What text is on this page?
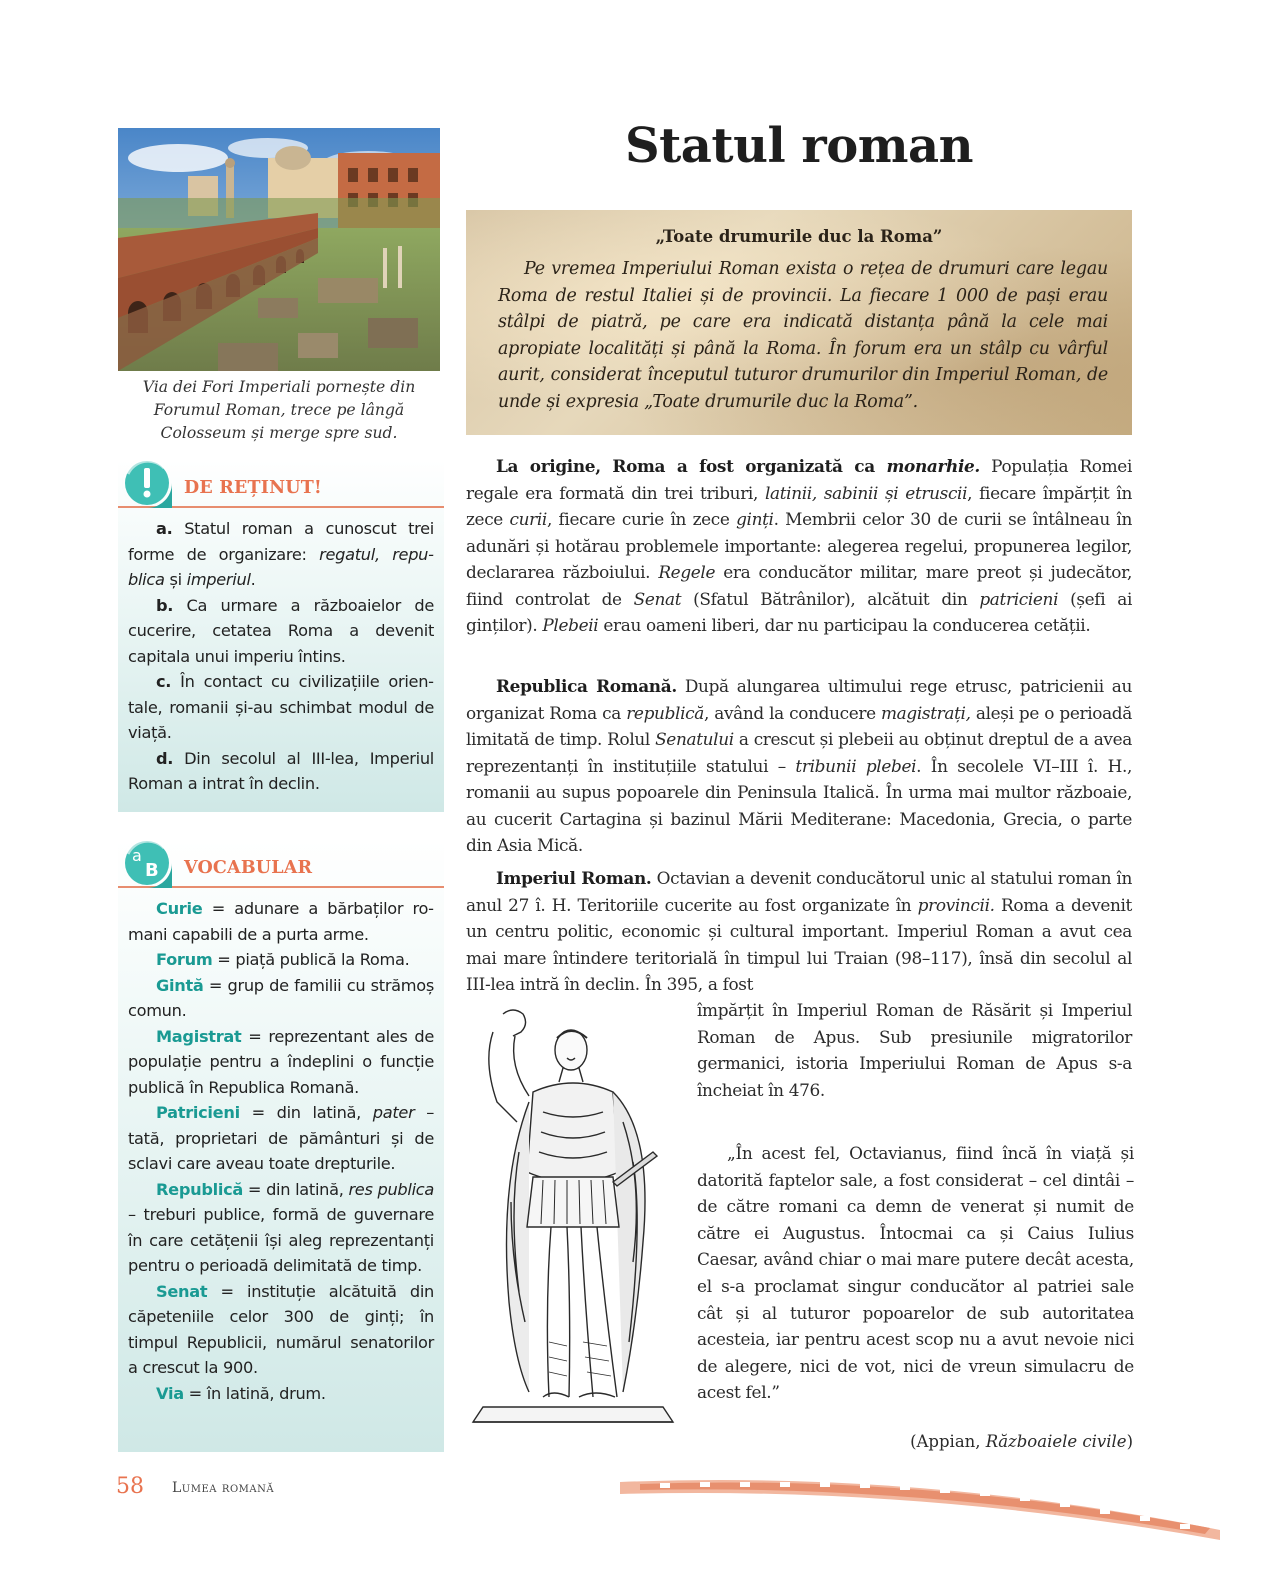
Via dei Fori Imperiali pornește din
Forumul Roman, trece pe lângă
Colosseum și merge spre sud.
DE REȚINUT!

a. Statul roman a cunoscut trei forme de organizare: regatul, republica și imperiul.

b. Ca urmare a războaielor de cucerire, cetatea Roma a devenit capitala unui imperiu întins.

c. În contact cu civilizațiile orientale, romanii și-au schimbat modul de viață.

d. Din secolul al III-lea, Imperiul Roman a intrat în declin.

a
B VOCABULAR

Curie = adunare a bărbaților romani capabili de a purta arme.

Forum = piață publică la Roma.

Gintă = grup de familii cu strămoș comun.

Magistrat = reprezentant ales de populație pentru a îndeplini o funcție publică în Republica Romană.

Patricieni = din latină, pater – tată, proprietari de pământuri și de sclavi care aveau toate drepturile.

Republică = din latină, res publica – treburi publice, formă de guvernare în care cetățenii își aleg reprezentanți pentru o perioadă delimitată de timp.

Senat = instituție alcătuită din căpeteniile celor 300 de ginți; în timpul Republicii, numărul senatorilor a crescut la 900.

Via = în latină, drum.

Statul roman
„Toate drumurile duc la Roma”
Pe vremea Imperiului Roman exista o rețea de drumuri care legau Roma de restul Italiei și de provincii. La fiecare 1 000 de pași erau stâlpi de piatră, pe care era indicată distanța până la cele mai apropiate localități și până la Roma. În forum era un stâlp cu vârful aurit, considerat începutul tuturor drumurilor din Imperiul Roman, de unde și expresia „Toate drumurile duc la Roma”.

La origine, Roma a fost organizată ca monarhie. Populația Romei regale era formată din trei triburi, latinii, sabinii și etruscii, fiecare împărțit în zece curii, fiecare curie în zece ginți. Membrii celor 30 de curii se întâlneau în adunări și hotărau problemele importante: alegerea regelui, propunerea legilor, declararea războiului. Regele era conducător militar, mare preot și judecător, fiind controlat de Senat (Sfatul Bătrânilor), alcătuit din patricieni (șefi ai ginților). Plebeii erau oameni liberi, dar nu participau la conducerea cetății.

Republica Romană. După alungarea ultimului rege etrusc, patricienii au organizat Roma ca republică, având la conducere magistrați, aleși pe o perioadă limitată de timp. Rolul Senatului a crescut și plebeii au obținut dreptul de a avea reprezentanți în instituțiile statului – tribunii plebei. În secolele VI–III î. H., romanii au supus popoarele din Peninsula Italică. În urma mai multor războaie, au cucerit Cartagina și bazinul Mării Mediterane: Macedonia, Grecia, o parte din Asia Mică.

Imperiul Roman. Octavian a devenit conducătorul unic al statului roman în anul 27 î. H. Teritoriile cucerite au fost organizate în provincii. Roma a devenit un centru politic, economic și cultural important. Imperiul Roman a avut cea mai mare întindere teritorială în timpul lui Traian (98–117), însă din secolul al III-lea intră în declin. În 395, a fost

împărțit în Imperiul Roman de Răsărit și Imperiul Roman de Apus. Sub presiunile migratorilor germanici, istoria Imperiului Roman de Apus s-a încheiat în 476.

„În acest fel, Octavianus, fiind încă în viață și datorită faptelor sale, a fost considerat – cel dintâi – de către romani ca demn de venerat și numit de către ei Augustus. Întocmai ca și Caius Iulius Caesar, având chiar o mai mare putere decât acesta, el s-a proclamat singur conducător al patriei sale cât și al tuturor popoarelor de sub autoritatea acesteia, iar pentru acest scop nu a avut nevoie nici de alegere, nici de vot, nici de vreun simulacru de acest fel.”

(Appian, Războaiele civile)
58 Lumea romană
